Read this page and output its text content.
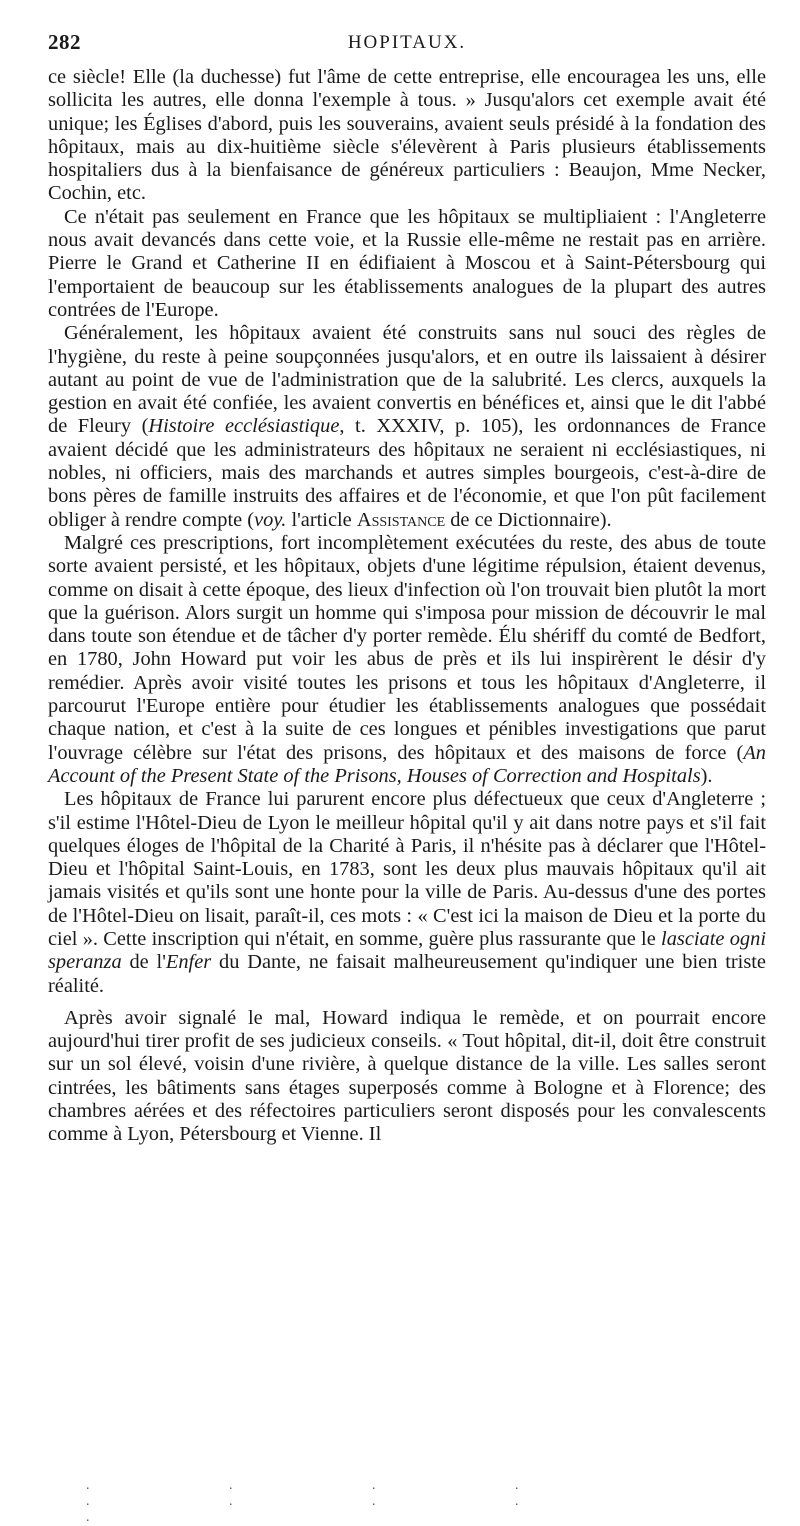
282	HOPITAUX.

ce siècle! Elle (la duchesse) fut l'âme de cette entreprise, elle encouragea les uns, elle sollicita les autres, elle donna l'exemple à tous. » Jusqu'alors cet exemple avait été unique; les Églises d'abord, puis les souverains, avaient seuls présidé à la fondation des hôpitaux, mais au dix-huitième siècle s'élevèrent à Paris plusieurs établissements hospitaliers dus à la bienfaisance de généreux particuliers : Beaujon, Mme Necker, Cochin, etc.

Ce n'était pas seulement en France que les hôpitaux se multipliaient : l'Angleterre nous avait devancés dans cette voie, et la Russie elle-même ne restait pas en arrière. Pierre le Grand et Catherine II en édifiaient à Moscou et à Saint-Pétersbourg qui l'emportaient de beaucoup sur les établissements analogues de la plupart des autres contrées de l'Europe.

Généralement, les hôpitaux avaient été construits sans nul souci des règles de l'hygiène, du reste à peine soupçonnées jusqu'alors, et en outre ils laissaient à désirer autant au point de vue de l'administration que de la salubrité. Les clercs, auxquels la gestion en avait été confiée, les avaient convertis en bénéfices et, ainsi que le dit l'abbé de Fleury (Histoire ecclésiastique, t. XXXIV, p. 105), les ordonnances de France avaient décidé que les administrateurs des hôpitaux ne seraient ni ecclésiastiques, ni nobles, ni officiers, mais des marchands et autres simples bourgeois, c'est-à-dire de bons pères de famille instruits des affaires et de l'économie, et que l'on pût facilement obliger à rendre compte (voy. l'article Assistance de ce Dictionnaire).

Malgré ces prescriptions, fort incomplètement exécutées du reste, des abus de toute sorte avaient persisté, et les hôpitaux, objets d'une légitime répulsion, étaient devenus, comme on disait à cette époque, des lieux d'infection où l'on trouvait bien plutôt la mort que la guérison. Alors surgit un homme qui s'imposa pour mission de découvrir le mal dans toute son étendue et de tâcher d'y porter remède. Élu shériff du comté de Bedfort, en 1780, John Howard put voir les abus de près et ils lui inspirèrent le désir d'y remédier. Après avoir visité toutes les prisons et tous les hôpitaux d'Angleterre, il parcourut l'Europe entière pour étudier les établissements analogues que possédait chaque nation, et c'est à la suite de ces longues et pénibles investigations que parut l'ouvrage célèbre sur l'état des prisons, des hôpitaux et des maisons de force (An Account of the Present State of the Prisons, Houses of Correction and Hospitals).

Les hôpitaux de France lui parurent encore plus défectueux que ceux d'Angleterre ; s'il estime l'Hôtel-Dieu de Lyon le meilleur hôpital qu'il y ait dans notre pays et s'il fait quelques éloges de l'hôpital de la Charité à Paris, il n'hésite pas à déclarer que l'Hôtel-Dieu et l'hôpital Saint-Louis, en 1783, sont les deux plus mauvais hôpitaux qu'il ait jamais visités et qu'ils sont une honte pour la ville de Paris. Au-dessus d'une des portes de l'Hôtel-Dieu on lisait, paraît-il, ces mots : « C'est ici la maison de Dieu et la porte du ciel ». Cette inscription qui n'était, en somme, guère plus rassurante que le lasciate ogni speranza de l'Enfer du Dante, ne faisait malheureusement qu'indiquer une bien triste réalité.

Après avoir signalé le mal, Howard indiqua le remède, et on pourrait encore aujourd'hui tirer profit de ses judicieux conseils. « Tout hôpital, dit-il, doit être construit sur un sol élevé, voisin d'une rivière, à quelque distance de la ville. Les salles seront cintrées, les bâtiments sans étages superposés comme à Bologne et à Florence; des chambres aérées et des réfectoires particuliers seront disposés pour les convalescents comme à Lyon, Pétersbourg et Vienne. Il

. . . . . . . . .
